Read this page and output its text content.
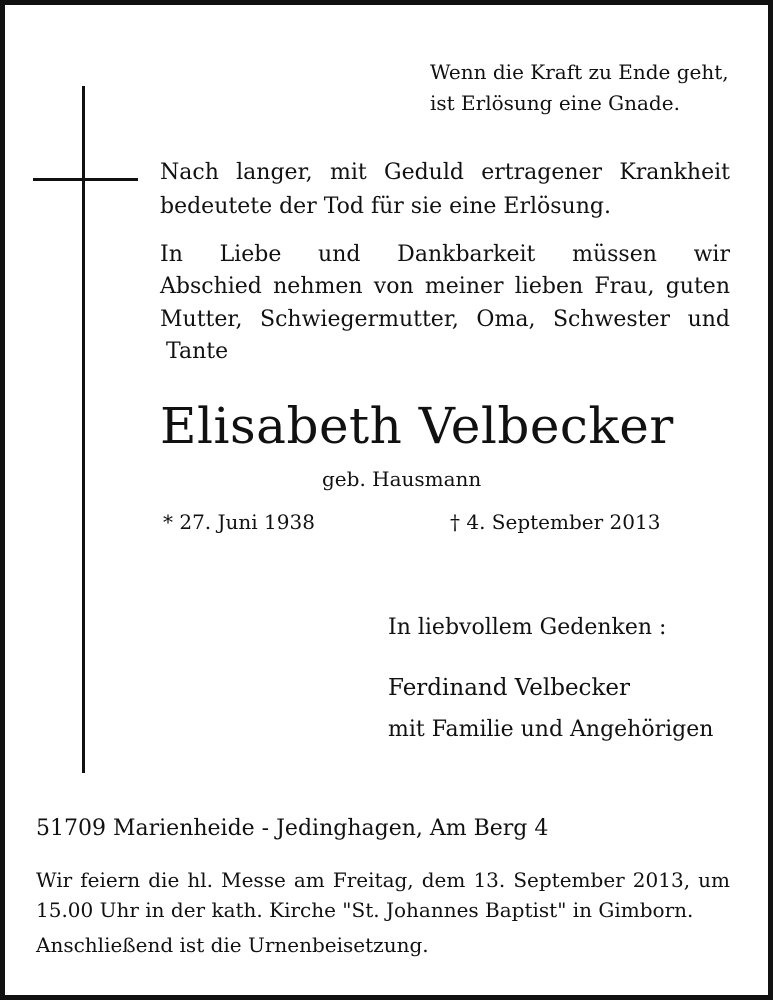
Wenn die Kraft zu Ende geht,

ist Erlösung eine Gnade.

Nach langer, mit Geduld ertragener Krankheit

bedeutete der Tod für sie eine Erlösung.

In Liebe und Dankbarkeit müssen wir

Abschied nehmen von meiner lieben Frau, guten

Mutter, Schwiegermutter, Oma, Schwester und

Tante

Elisabeth Velbecker

geb. Hausmann

* 27. Juni 1938	† 4. September 2013

In liebvollem Gedenken :

Ferdinand Velbecker

mit Familie und Angehörigen

51709 Marienheide - Jedinghagen, Am Berg 4

Wir feiern die hl. Messe am Freitag, dem 13. September 2013, um

15.00 Uhr in der kath. Kirche "St. Johannes Baptist" in Gimborn.

Anschließend ist die Urnenbeisetzung.
